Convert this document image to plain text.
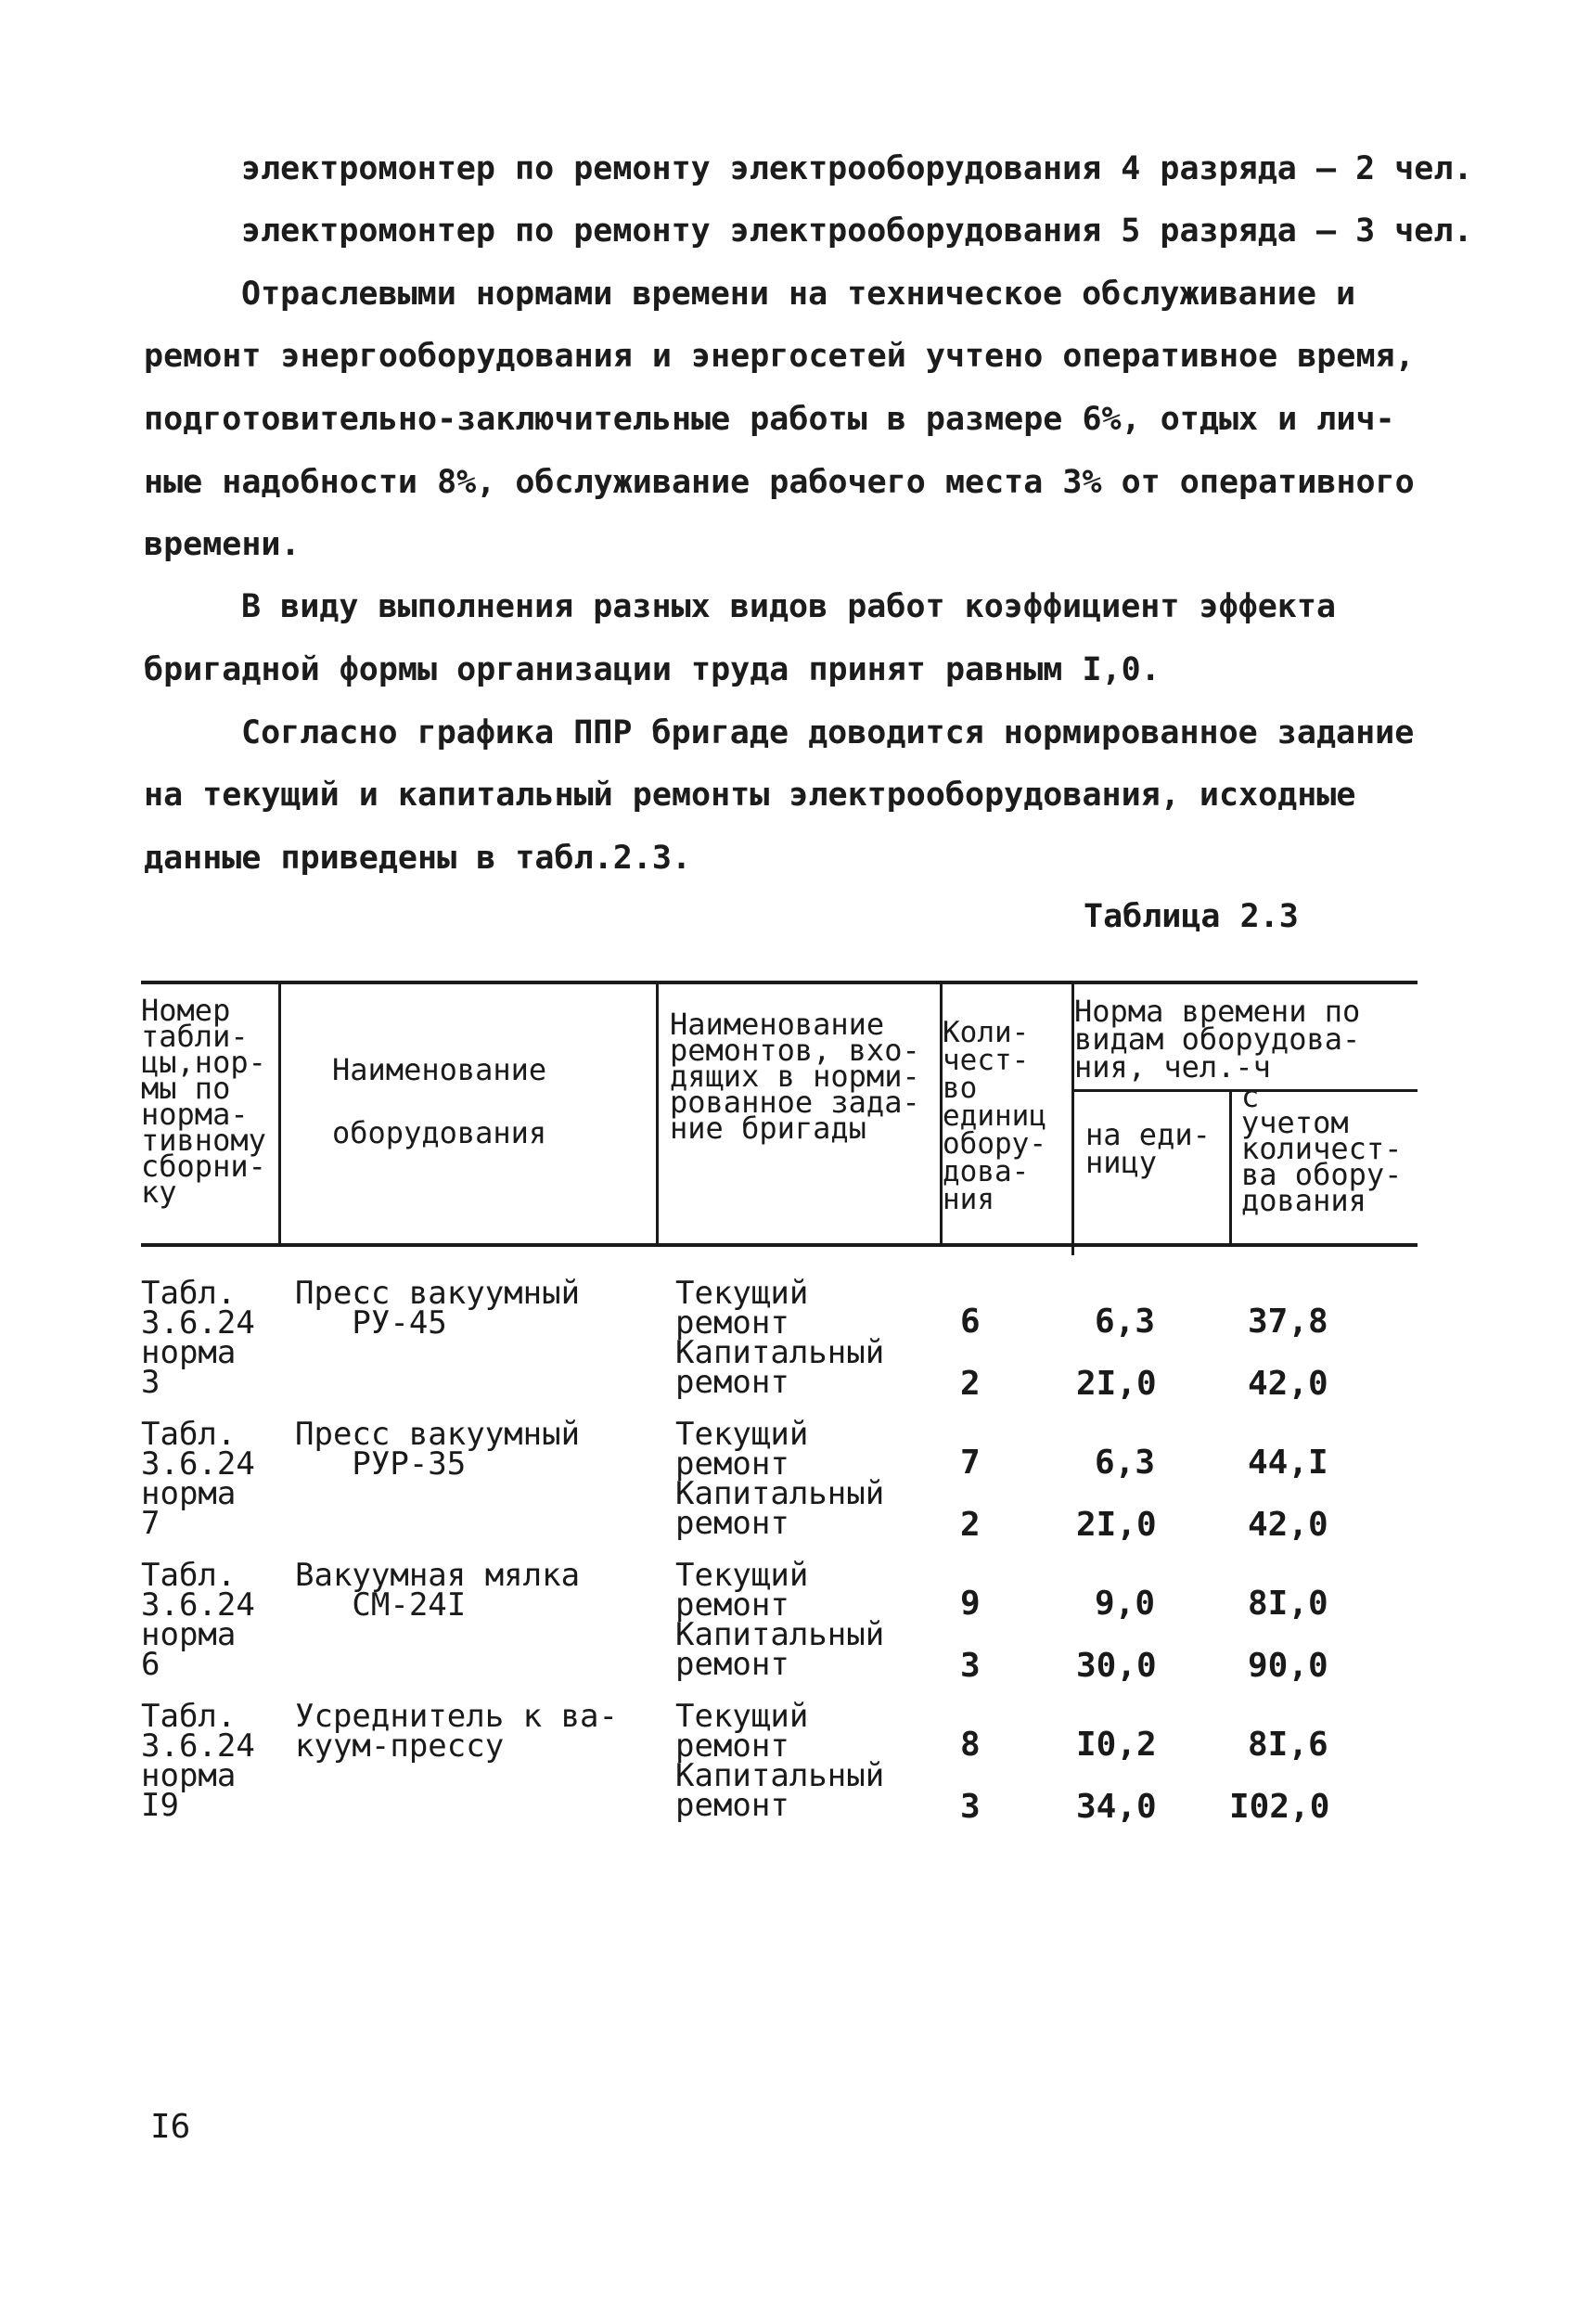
электромонтер по ремонту электрооборудования 4 разряда – 2 чел.
электромонтер по ремонту электрооборудования 5 разряда – 3 чел.
Отраслевыми нормами времени на техническое обслуживание и
ремонт энергооборудования и энергосетей учтено оперативное время,
подготовительно-заключительные работы в размере 6%, отдых и лич-
ные надобности 8%, обслуживание рабочего места 3% от оперативного
времени.
В виду выполнения разных видов работ коэффициент эффекта
бригадной формы организации труда принят равным I,0.
Согласно графика ППР бригаде доводится нормированное задание
на текущий и капитальный ремонты электрооборудования, исходные
данные приведены в табл.2.3.
Таблица 2.3
Номер
табли-
цы,нор-
мы по
норма-
тивному
сборни-
ку
Наименование
оборудования
Наименование
ремонтов, вхо-
дящих в норми-
рованное зада-
ние бригады
Коли-
чест-
во
единиц
обору-
дова-
ния
Норма времени по
видам оборудова-
ния, чел.-ч
на еди-
ницу
с
учетом
количест-
ва обору-
дования
Табл.
3.6.24
норма
3
Пресс вакуумный
РУ-45
Текущий
ремонт
Капитальный
ремонт
6
2
6,3
2I,0
37,8
42,0
Табл.
3.6.24
норма
7
Пресс вакуумный
РУР-35
Текущий
ремонт
Капитальный
ремонт
7
2
6,3
2I,0
44,I
42,0
Табл.
3.6.24
норма
6
Вакуумная мялка
СМ-24I
Текущий
ремонт
Капитальный
ремонт
9
3
9,0
30,0
8I,0
90,0
Табл.
3.6.24
норма
I9
Усреднитель к ва-
куум-прессу
Текущий
ремонт
Капитальный
ремонт
8
3
I0,2
34,0
8I,6
I02,0
I6
